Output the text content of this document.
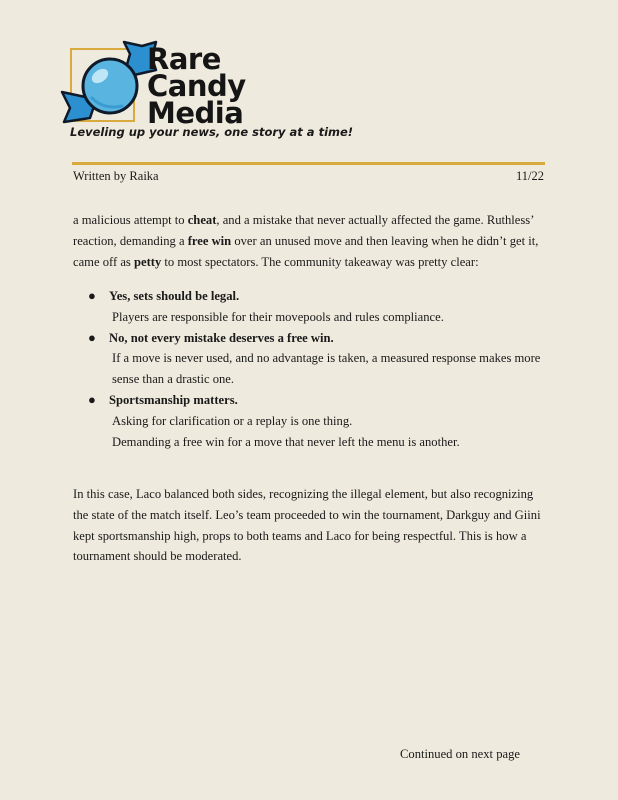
Rare
Candy
Media
Leveling up your news, one story at a time!
Written by Raika	11/22

a malicious attempt to cheat, and a mistake that never actually affected the game. Ruthless’ reaction, demanding a free win over an unused move and then leaving when he didn’t get it, came off as petty to most spectators. The community takeaway was pretty clear:

● Yes, sets should be legal.
Players are responsible for their movepools and rules compliance.
● No, not every mistake deserves a free win.
If a move is never used, and no advantage is taken, a measured response makes more sense than a drastic one.
● Sportsmanship matters.
Asking for clarification or a replay is one thing.
Demanding a free win for a move that never left the menu is another.
In this case, Laco balanced both sides, recognizing the illegal element, but also recognizing the state of the match itself. Leo’s team proceeded to win the tournament, Darkguy and Giini kept sportsmanship high, props to both teams and Laco for being respectful. This is how a tournament should be moderated.
Continued on next page
